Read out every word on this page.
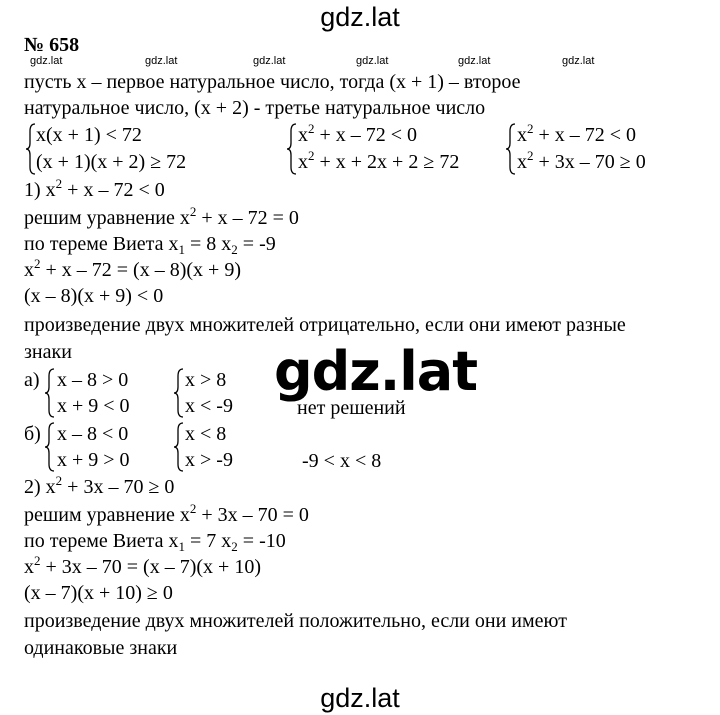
gdz.lat
gdz.lat	gdz.lat	gdz.lat	gdz.lat	gdz.lat	gdz.lat
№ 658
пусть x – первое натуральное число, тогда (x + 1) – второе
натуральное число, (x + 2) - третье натуральное число
x(x + 1) < 72
(x + 1)(x + 2) ≥ 72
$x^2 + x - 72 < 0$
$x^2 + x + 2x + 2 \ge 72$
$x^2 + x - 72 < 0$
$x^2 + 3x - 70 \ge 0$
1) $x^2 + x - 72 < 0$
решим уравнение $x^2 + x - 72 = 0$
по тереме Виета $x_1 = 8$ $x_2 = -9$
$x^2 + x - 72 = (x - 8)(x + 9)$
(x – 8)(x + 9) < 0
произведение двух множителей отрицательно, если они имеют разные
знаки	gdz.lat
а) x – 8 > 0
x + 9 < 0
x > 8
x < -9	нет решений
б) x – 8 < 0
x + 9 > 0
x < 8
x > -9	-9 < x < 8
2) $x^2 + 3x - 70 \ge 0$
решим уравнение $x^2 + 3x - 70 = 0$
по тереме Виета $x_1 = 7$ $x_2 = -10$
$x^2 + 3x - 70 = (x - 7)(x + 10)$
(x – 7)(x + 10) ≥ 0
произведение двух множителей положительно, если они имеют
одинаковые знаки
gdz.lat
